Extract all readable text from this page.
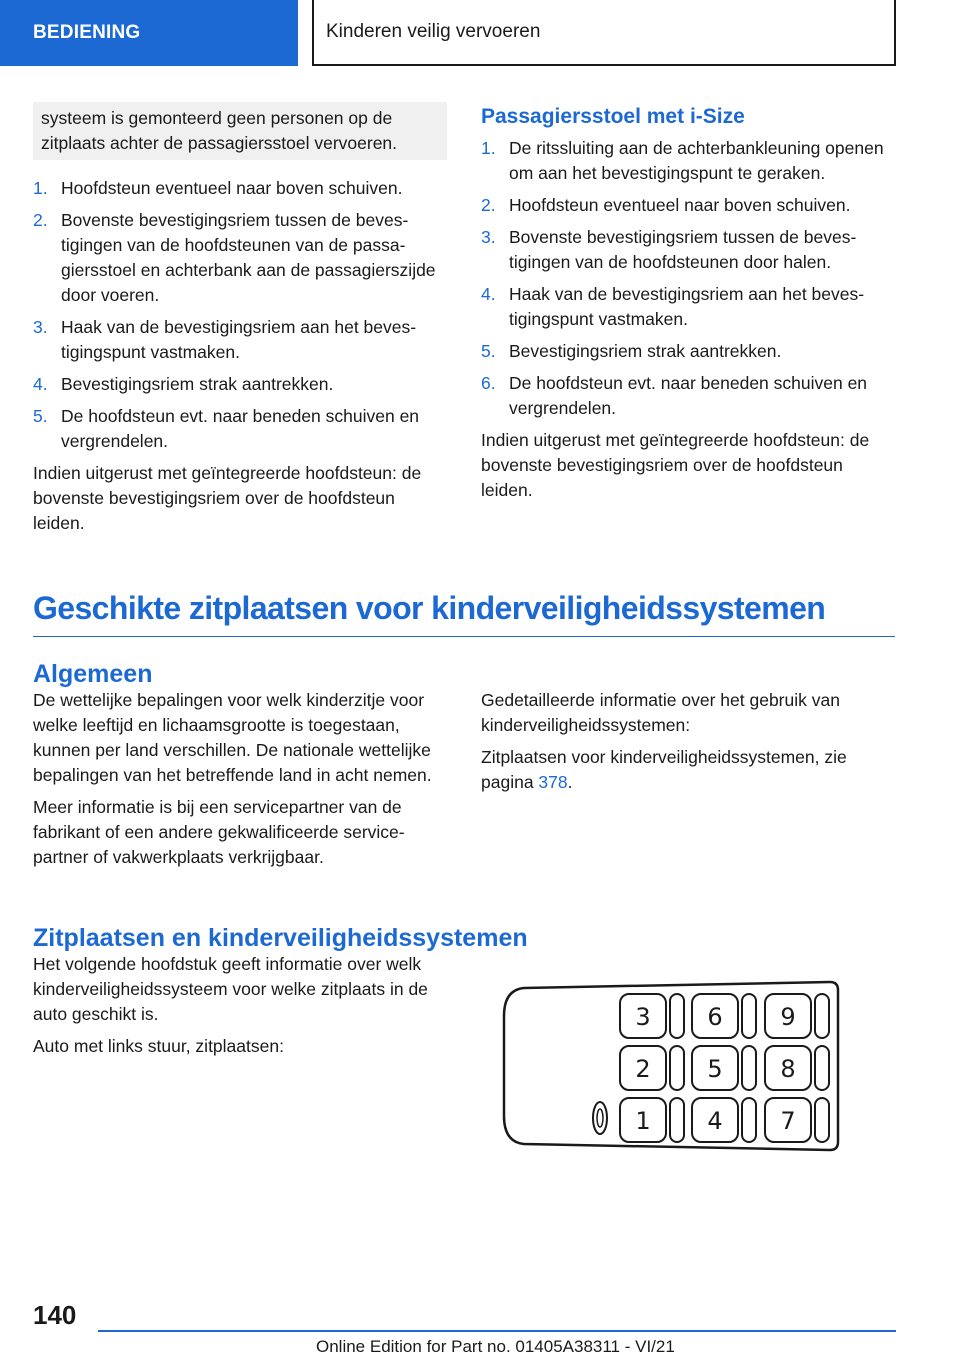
BEDIENING	Kinderen veilig vervoeren
systeem is gemonteerd geen personen op de zitplaats achter de passagiersstoel vervoeren.
1. Hoofdsteun eventueel naar boven schuiven.
2. Bovenste bevestigingsriem tussen de bevestigingen van de hoofdsteunen van de passagiersstoel en achterbank aan de passagierszijde door voeren.
3. Haak van de bevestigingsriem aan het bevestigingspunt vastmaken.
4. Bevestigingsriem strak aantrekken.
5. De hoofdsteun evt. naar beneden schuiven en vergrendelen.

Indien uitgerust met geïntegreerde hoofdsteun: de bovenste bevestigingsriem over de hoofdsteun leiden.

Passagiersstoel met i-Size
1. De ritssluiting aan de achterbankleuning openen om aan het bevestigingspunt te geraken.
2. Hoofdsteun eventueel naar boven schuiven.
3. Bovenste bevestigingsriem tussen de bevestigingen van de hoofdsteunen door halen.
4. Haak van de bevestigingsriem aan het bevestigingspunt vastmaken.
5. Bevestigingsriem strak aantrekken.
6. De hoofdsteun evt. naar beneden schuiven en vergrendelen.

Indien uitgerust met geïntegreerde hoofdsteun: de bovenste bevestigingsriem over de hoofdsteun leiden.

Geschikte zitplaatsen voor kinderveiligheidssystemen
Algemeen

De wettelijke bepalingen voor welk kinderzitje voor welke leeftijd en lichaamsgrootte is toegestaan, kunnen per land verschillen. De nationale wettelijke bepalingen van het betreffende land in acht nemen.

Meer informatie is bij een servicepartner van de fabrikant of een andere gekwalificeerde servicepartner of vakwerkplaats verkrijgbaar.

Gedetailleerde informatie over het gebruik van kinderveiligheidssystemen:

Zitplaatsen voor kinderveiligheidssystemen, zie pagina 378.

Zitplaatsen en kinderveiligheidssystemen

Het volgende hoofdstuk geeft informatie over welk kinderveiligheidssysteem voor welke zitplaats in de auto geschikt is.

Auto met links stuur, zitplaatsen:

3 6 9
2 5 8
1 4 7
140
Online Edition for Part no. 01405A38311 - VI/21
